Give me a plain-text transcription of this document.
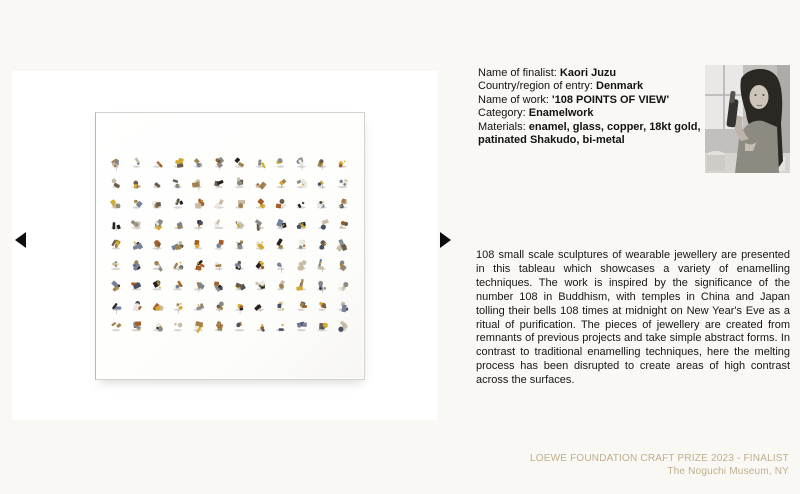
Name of finalist: Kaori Juzu
Country/region of entry: Denmark
Name of work: '108 POINTS OF VIEW'
Category: Enamelwork
Materials: enamel, glass, copper, 18kt gold, patinated Shakudo, bi-metal

108 small scale sculptures of wearable jewellery are presented in this tableau which showcases a variety of enamelling techniques. The work is inspired by the significance of the number 108 in Buddhism, with temples in China and Japan tolling their bells 108 times at midnight on New Year's Eve as a ritual of purification. The pieces of jewellery are created from remnants of previous projects and take simple abstract forms. In contrast to traditional enamelling techniques, here the melting process has been disrupted to create areas of high contrast across the surfaces.

LOEWE FOUNDATION CRAFT PRIZE 2023 - FINALIST
The Noguchi Museum, NY
